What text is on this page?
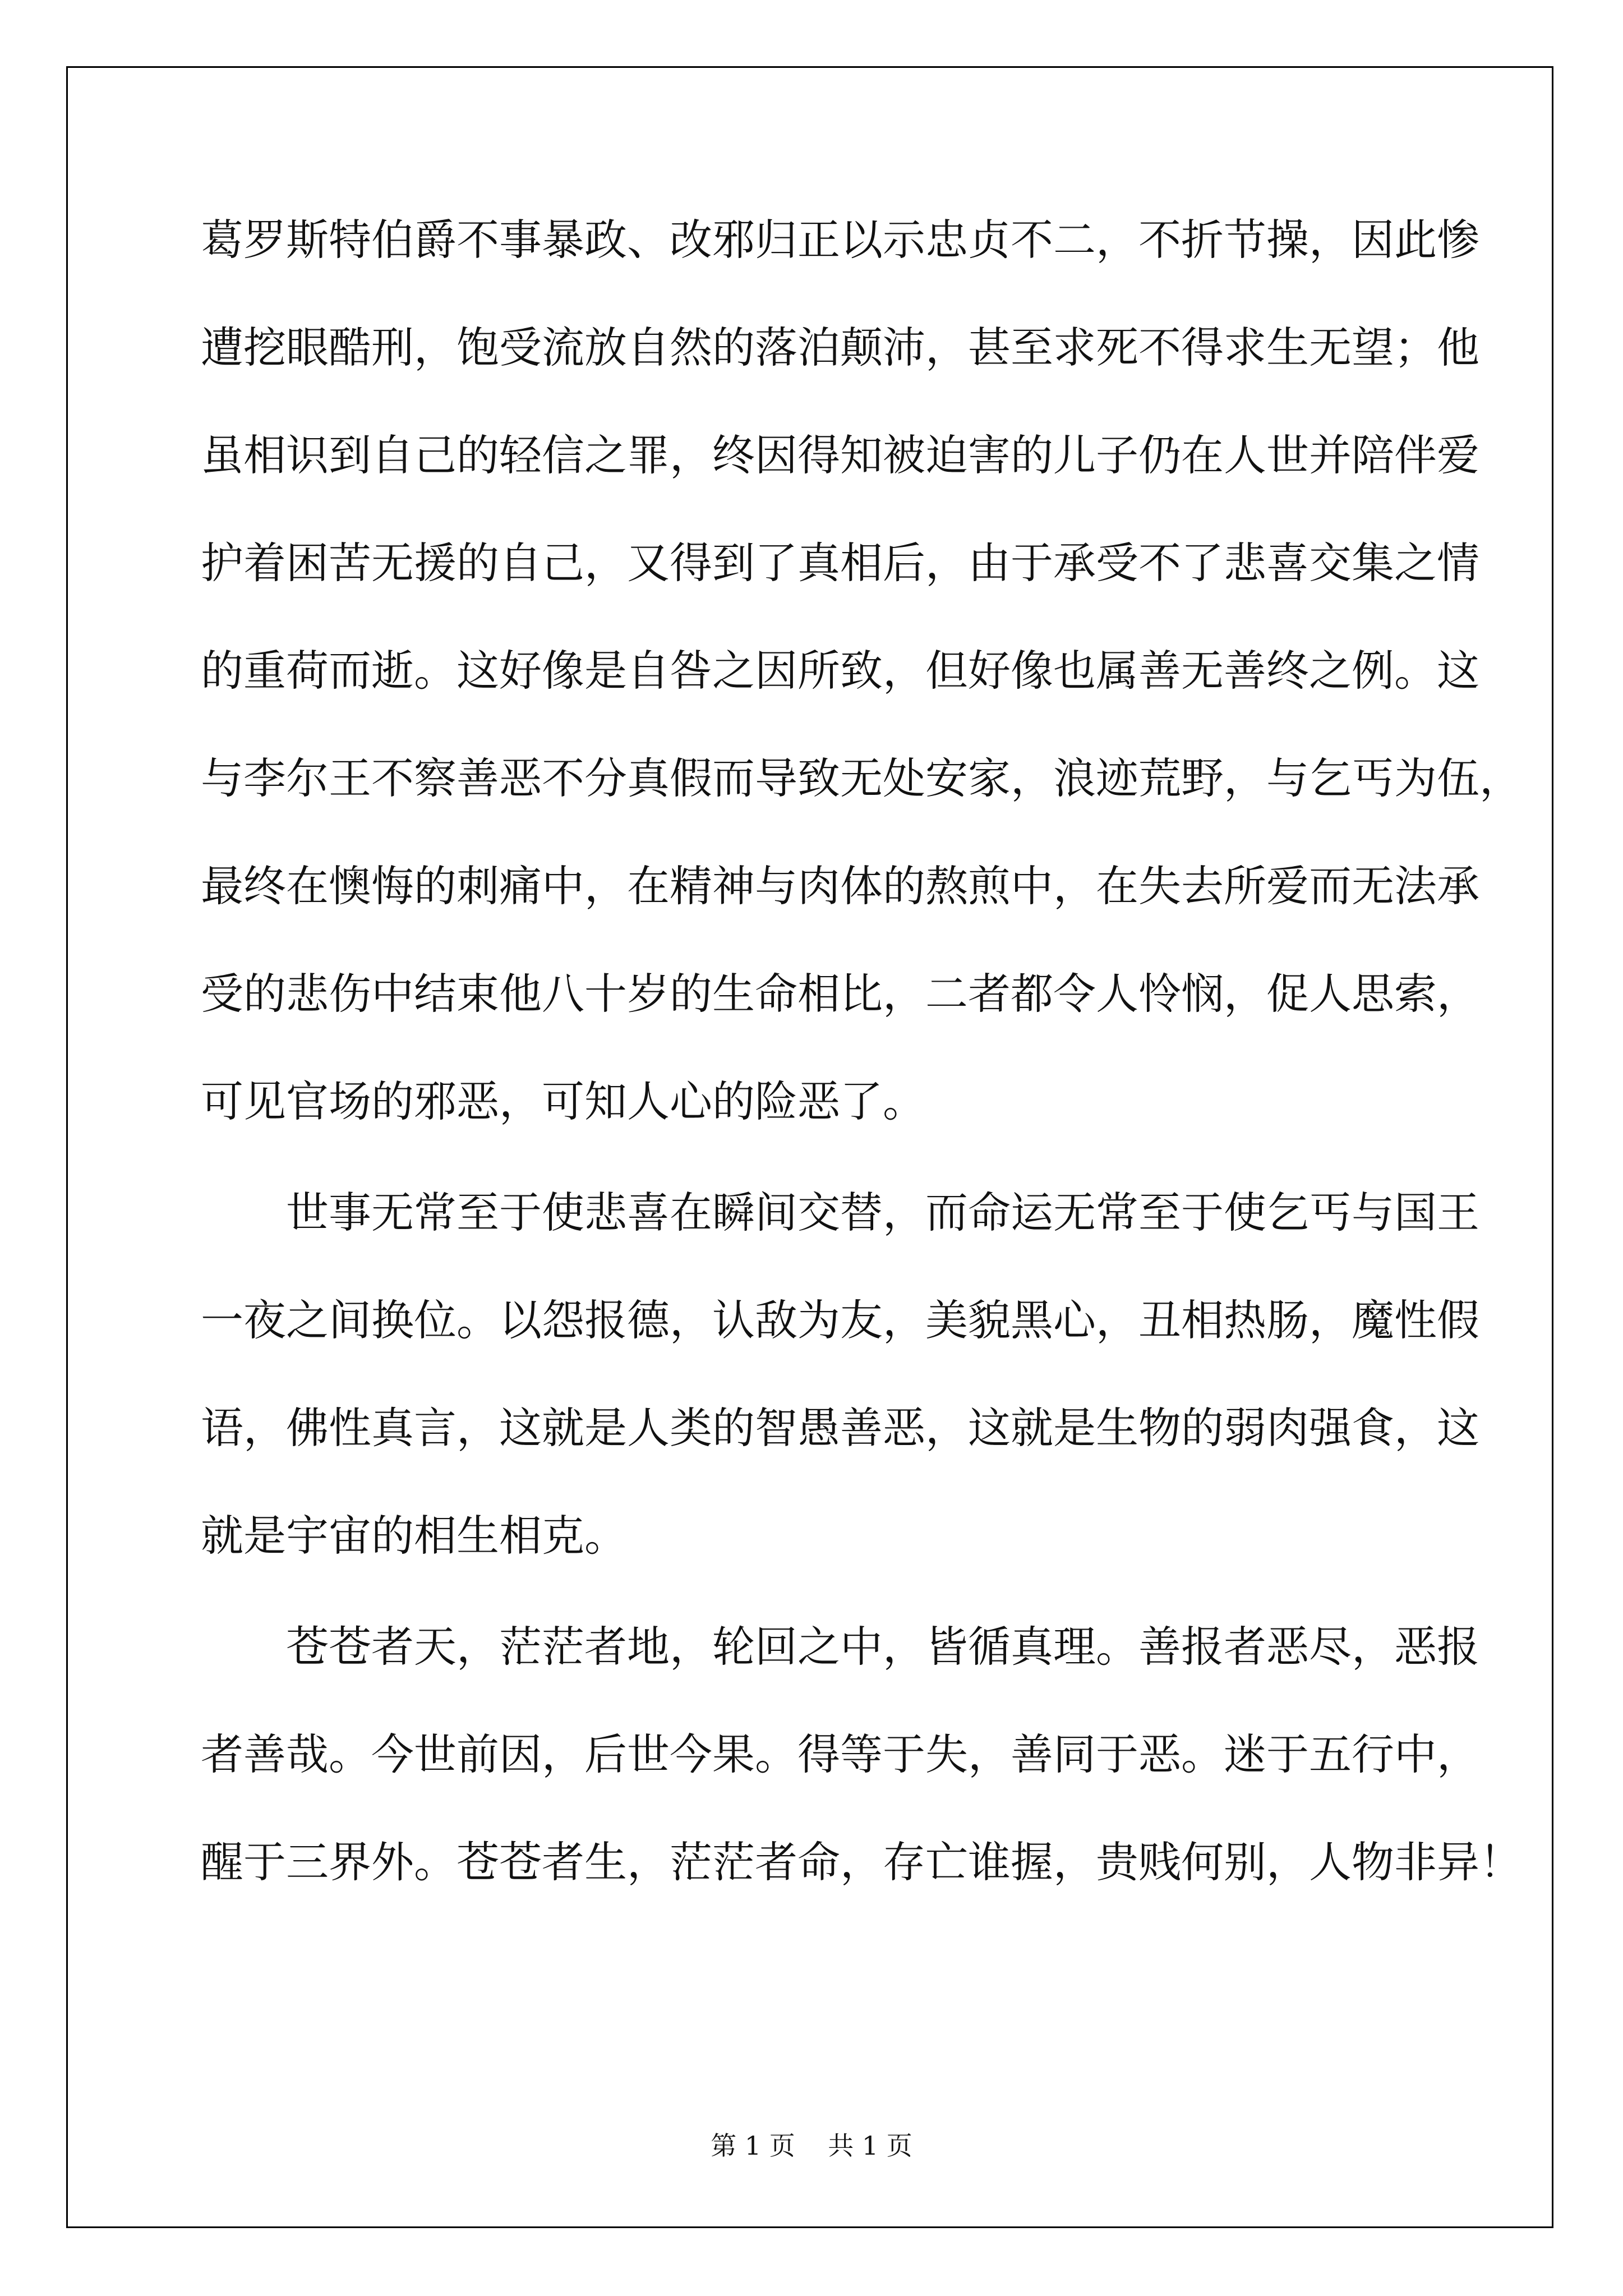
葛罗斯特伯爵不事暴政、改邪归正以示忠贞不二，不折节操，因此惨
遭挖眼酷刑，饱受流放自然的落泊颠沛，甚至求死不得求生无望；他
虽相识到自己的轻信之罪，终因得知被迫害的儿子仍在人世并陪伴爱
护着困苦无援的自己，又得到了真相后，由于承受不了悲喜交集之情
的重荷而逝。这好像是自咎之因所致，但好像也属善无善终之例。这
与李尔王不察善恶不分真假而导致无处安家，浪迹荒野，与乞丐为伍，
最终在懊悔的刺痛中，在精神与肉体的熬煎中，在失去所爱而无法承
受的悲伤中结束他八十岁的生命相比，二者都令人怜悯，促人思索，
可见官场的邪恶，可知人心的险恶了。
　　世事无常至于使悲喜在瞬间交替，而命运无常至于使乞丐与国王
一夜之间换位。以怨报德，认敌为友，美貌黑心，丑相热肠，魔性假
语，佛性真言，这就是人类的智愚善恶，这就是生物的弱肉强食，这
就是宇宙的相生相克。
　　苍苍者天，茫茫者地，轮回之中，皆循真理。善报者恶尽，恶报
者善哉。今世前因，后世今果。得等于失，善同于恶。迷于五行中，
醒于三界外。苍苍者生，茫茫者命，存亡谁握，贵贱何别，人物非异！
第 1 页 共 1 页
